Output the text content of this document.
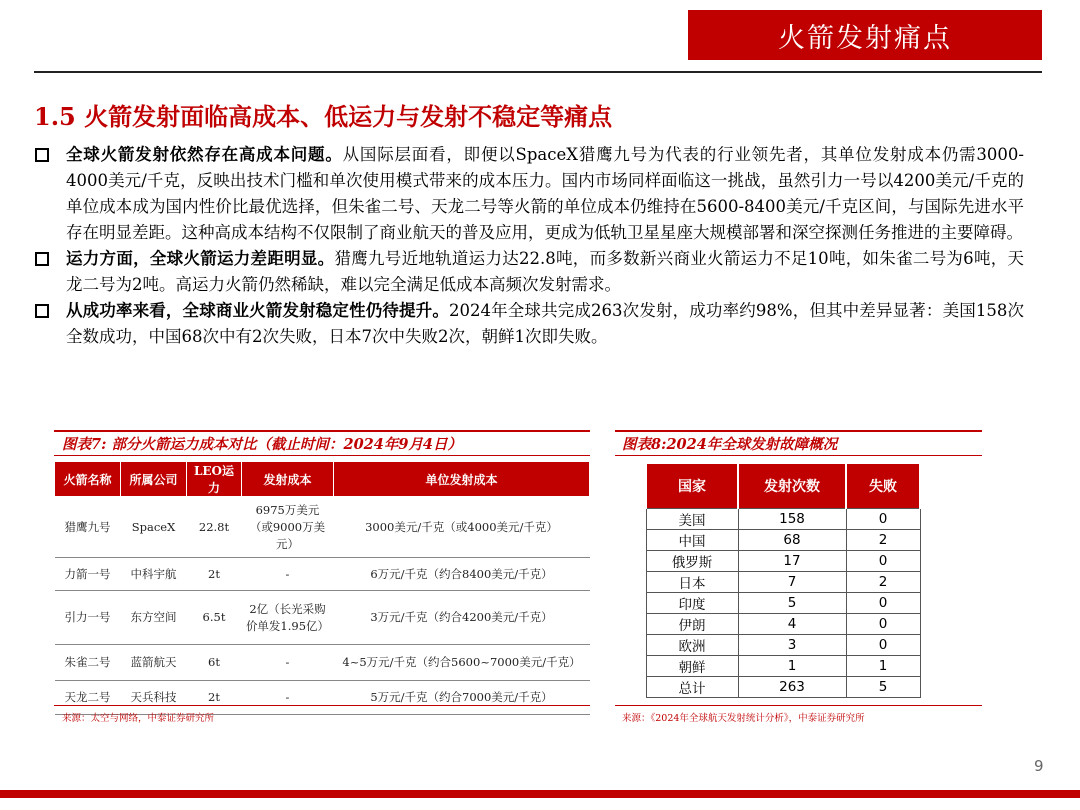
火箭发射痛点
1.5 火箭发射面临高成本、低运力与发射不稳定等痛点
全球火箭发射依然存在高成本问题。从国际层面看，即便以SpaceX猎鹰九号为代表的行业领先者，其单位发射成本仍需3000-4000美元/千克，反映出技术门槛和单次使用模式带来的成本压力。国内市场同样面临这一挑战，虽然引力一号以4200美元/千克的单位成本成为国内性价比最优选择，但朱雀二号、天龙二号等火箭的单位成本仍维持在5600-8400美元/千克区间，与国际先进水平存在明显差距。这种高成本结构不仅限制了商业航天的普及应用，更成为低轨卫星星座大规模部署和深空探测任务推进的主要障碍。
运力方面，全球火箭运力差距明显。猎鹰九号近地轨道运力达22.8吨，而多数新兴商业火箭运力不足10吨，如朱雀二号为6吨，天龙二号为2吨。高运力火箭仍然稀缺，难以完全满足低成本高频次发射需求。
从成功率来看，全球商业火箭发射稳定性仍待提升。2024年全球共完成263次发射，成功率约98%，但其中差异显著：美国158次全数成功，中国68次中有2次失败，日本7次中失败2次，朝鲜1次即失败。
图表7: 部分火箭运力成本对比（截止时间：2024年9月4日）
火箭名称	所属公司	LEO运力	发射成本	单位发射成本
猎鹰九号	SpaceX	22.8t	6975万美元（或9000万美元）	3000美元/千克（或4000美元/千克）
力箭一号	中科宇航	2t	-	6万元/千克（约合8400美元/千克）
引力一号	东方空间	6.5t	2亿（长光采购价单发1.95亿）	3万元/千克（约合4200美元/千克）
朱雀二号	蓝箭航天	6t	-	4~5万元/千克（约合5600~7000美元/千克）
天龙二号	天兵科技	2t	-	5万元/千克（约合7000美元/千克）
来源：太空与网络，中泰证券研究所
图表8:2024年全球发射故障概况
国家	发射次数	失败
美国	158	0
中国	68	2
俄罗斯	17	0
日本	7	2
印度	5	0
伊朗	4	0
欧洲	3	0
朝鲜	1	1
总计	263	5
来源：《2024年全球航天发射统计分析》，中泰证券研究所
9
